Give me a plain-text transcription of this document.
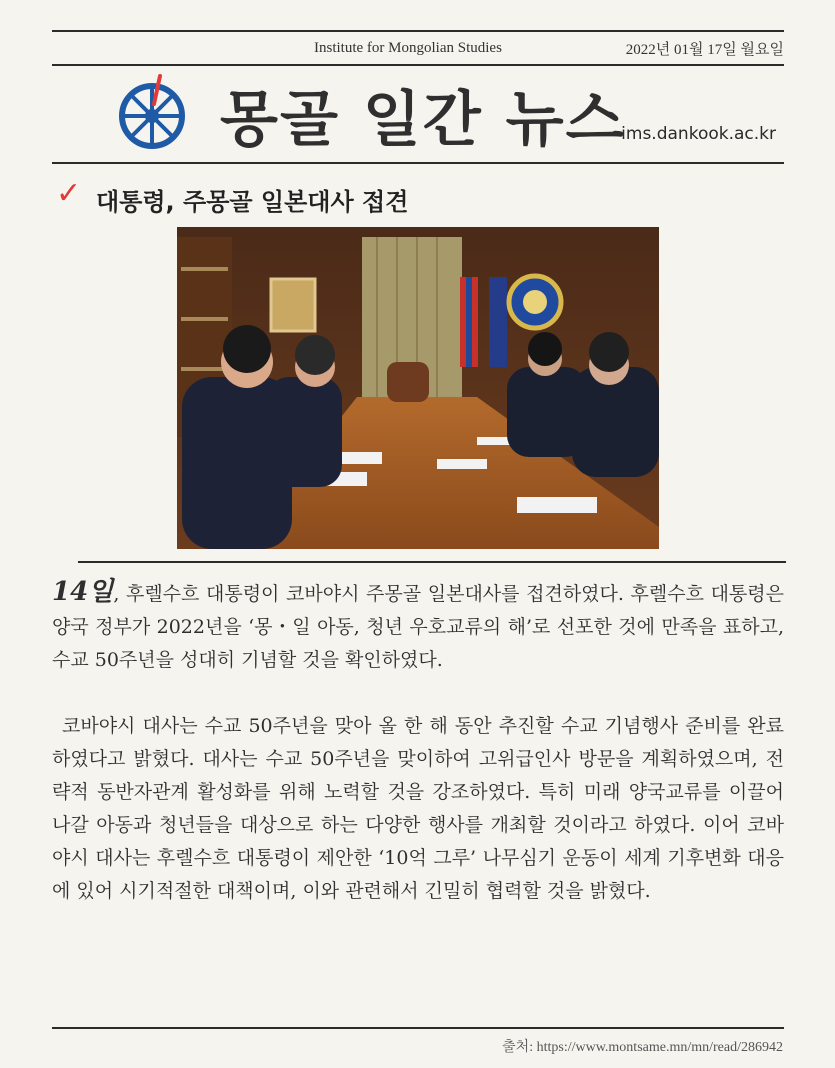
Institute for Mongolian Studies	2022년 01월 17일 월요일
몽골 일간 뉴스
ims.dankook.ac.kr
✓ 대통령, 주몽골 일본대사 접견

14일, 후렐수흐 대통령이 코바야시 주몽골 일본대사를 접견하였다. 후렐수흐 대통령은 양국 정부가 2022년을 ‘몽・일 아동, 청년 우호교류의 해’로 선포한 것에 만족을 표하고, 수교 50주년을 성대히 기념할 것을 확인하였다.

코바야시 대사는 수교 50주년을 맞아 올 한 해 동안 추진할 수교 기념행사 준비를 완료하였다고 밝혔다. 대사는 수교 50주년을 맞이하여 고위급인사 방문을 계획하였으며, 전략적 동반자관계 활성화를 위해 노력할 것을 강조하였다. 특히 미래 양국교류를 이끌어 나갈 아동과 청년들을 대상으로 하는 다양한 행사를 개최할 것이라고 하였다. 이어 코바야시 대사는 후렐수흐 대통령이 제안한 ‘10억 그루’ 나무심기 운동이 세계 기후변화 대응에 있어 시기적절한 대책이며, 이와 관련해서 긴밀히 협력할 것을 밝혔다.

출처: https://www.montsame.mn/mn/read/286942
